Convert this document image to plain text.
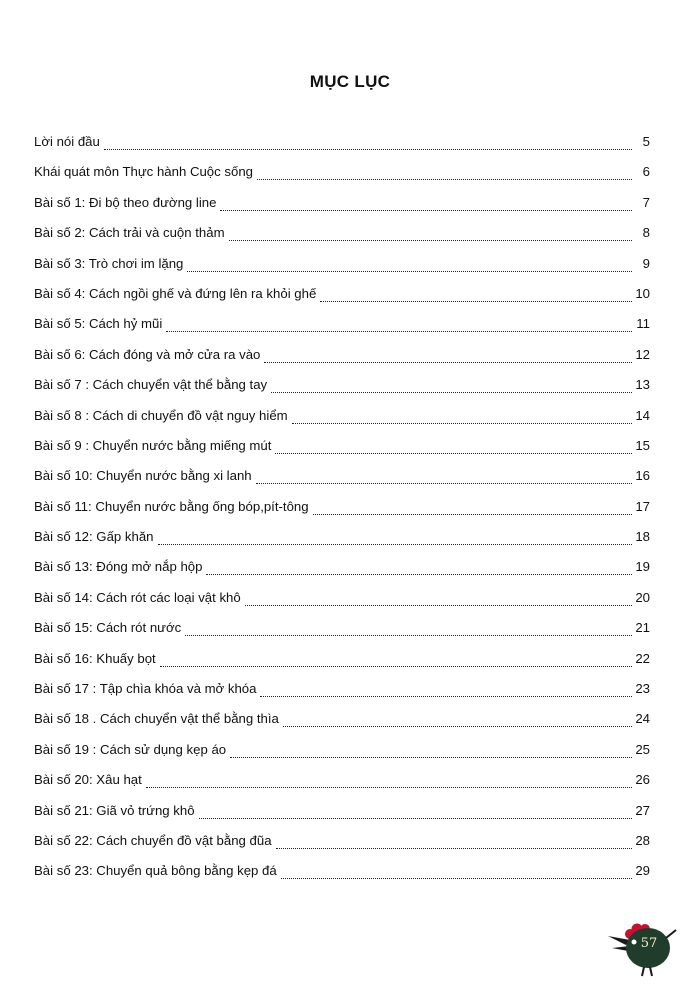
MỤC LỤC
Lời nói đầu	5
Khái quát môn Thực hành Cuộc sống	6
Bài số 1: Đi bộ theo đường line	7
Bài số 2: Cách trải và cuộn thảm	8
Bài số 3: Trò chơi im lặng	9
Bài số 4: Cách ngồi ghế và đứng lên ra khỏi ghế	10
Bài số 5: Cách hỷ mũi	11
Bài số 6: Cách đóng và mở cửa ra vào	12
Bài số 7 : Cách chuyển vật thể bằng tay	13
Bài số 8 : Cách di chuyển đồ vật nguy hiểm	14
Bài số 9 : Chuyển nước bằng miếng mút	15
Bài số 10: Chuyển nước bằng xi lanh	16
Bài số 11: Chuyển nước bằng ống bóp,pít-tông	17
Bài số 12: Gấp khăn	18
Bài số 13: Đóng mở nắp hộp	19
Bài số 14: Cách rót các loại vật khô	20
Bài số 15: Cách rót nước	21
Bài số 16: Khuấy bọt	22
Bài số 17 : Tập chìa khóa và mở khóa	23
Bài số 18 . Cách chuyển vật thể bằng thìa	24
Bài số 19 : Cách sử dụng kẹp áo	25
Bài số 20: Xâu hạt	26
Bài số 21: Giã vỏ trứng khô	27
Bài số 22: Cách chuyển đồ vật bằng đũa	28
Bài số 23: Chuyển quả bông bằng kẹp đá	29
57
